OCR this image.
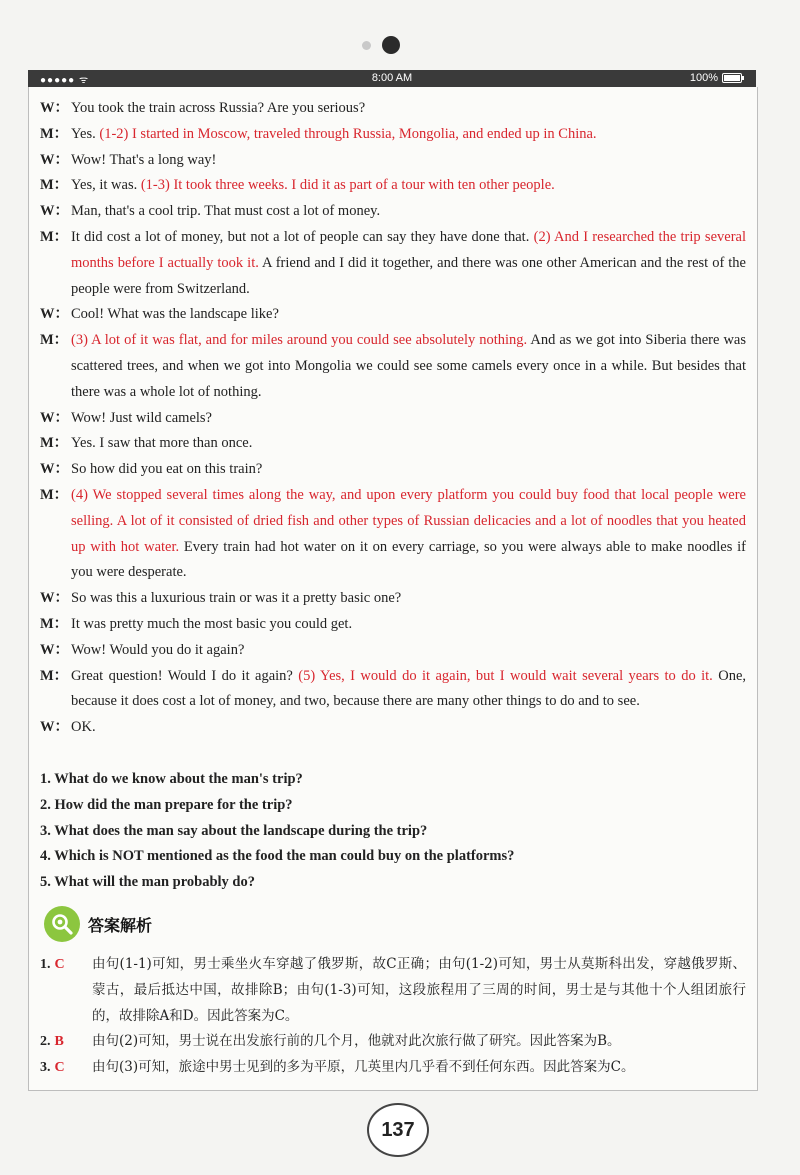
●●●●● ᯤ	8:00 AM	100%
W： You took the train across Russia? Are you serious?
M： Yes. (1-2) I started in Moscow, traveled through Russia, Mongolia, and ended up in China.
W： Wow! That's a long way!
M： Yes, it was. (1-3) It took three weeks. I did it as part of a tour with ten other people.
W： Man, that's a cool trip. That must cost a lot of money.
M： It did cost a lot of money, but not a lot of people can say they have done that. (2) And I researched the trip several months before I actually took it. A friend and I did it together, and there was one other American and the rest of the people were from Switzerland.
W： Cool! What was the landscape like?
M： (3) A lot of it was flat, and for miles around you could see absolutely nothing. And as we got into Siberia there was scattered trees, and when we got into Mongolia we could see some camels every once in a while. But besides that there was a whole lot of nothing.
W： Wow! Just wild camels?
M： Yes. I saw that more than once.
W： So how did you eat on this train?
M： (4) We stopped several times along the way, and upon every platform you could buy food that local people were selling. A lot of it consisted of dried fish and other types of Russian delicacies and a lot of noodles that you heated up with hot water. Every train had hot water on it on every carriage, so you were always able to make noodles if you were desperate.
W： So was this a luxurious train or was it a pretty basic one?
M： It was pretty much the most basic you could get.
W： Wow! Would you do it again?
M： Great question! Would I do it again? (5) Yes, I would do it again, but I would wait several years to do it. One, because it does cost a lot of money, and two, because there are many other things to do and to see.
W： OK.
1. What do we know about the man's trip?
2. How did the man prepare for the trip?
3. What does the man say about the landscape during the trip?
4. Which is NOT mentioned as the food the man could buy on the platforms?
5. What will the man probably do?
答案解析
1. C	由句(1-1)可知，男士乘坐火车穿越了俄罗斯，故C正确；由句(1-2)可知，男士从莫斯科出发，穿越俄罗斯、蒙古，最后抵达中国，故排除B；由句(1-3)可知，这段旅程用了三周的时间，男士是与其他十个人组团旅行的，故排除A和D。因此答案为C。
2. B	由句(2)可知，男士说在出发旅行前的几个月，他就对此次旅行做了研究。因此答案为B。
3. C	由句(3)可知，旅途中男士见到的多为平原，几英里内几乎看不到任何东西。因此答案为C。
137
